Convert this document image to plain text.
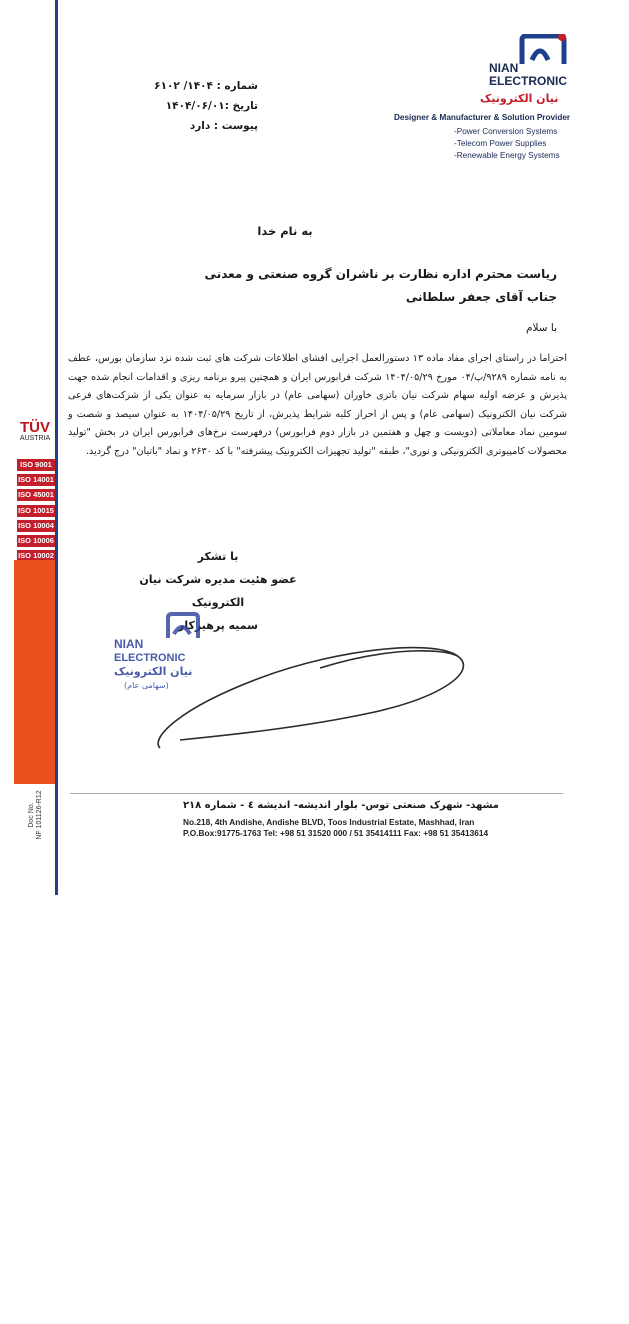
TÜV
AUSTRIA
ISO 9001
ISO 14001
ISO 45001
ISO 10015
ISO 10004
ISO 10006
ISO 10002
www.nianelectronic.com
Doc No. NF 101126-R12
NIAN
ELECTRONIC
نیان الکترونیک
Designer & Manufacturer & Solution Provider
-Power Conversion Systems
-Telecom Power Supplies
-Renewable Energy Systems
شماره : ۱۴۰۴/ ۶۱۰۲
تاریخ :۱۴۰۴/۰۶/۰۱
پیوست : دارد
به نام خدا
ریاست محترم اداره نظارت بر ناشران گروه صنعتی و معدنی
جناب آقای جعفر سلطانی
با سلام
احتراما در راستای اجرای مفاد ماده ۱۳ دستورالعمل اجرایی افشای اطلاعات شرکت های ثبت شده نزد سازمان بورس، عطف به نامه شماره ۹۲۸۹/پ/۰۴ مورخ ۱۴۰۴/۰۵/۲۹ شرکت فرابورس ایران و همچنین پیرو برنامه ریزی و اقدامات انجام شده جهت پذیرش و عرضه اولیه سهام شرکت نیان باتری خاوران (سهامی عام) در بازار سرمایه به عنوان یکی از شرکت‌های فرعی شرکت نیان الکترونیک (سهامی عام) و پس از احراز کلیه شرایط پذیرش، از تاریخ ۱۴۰۴/۰۵/۲۹ به عنوان سیصد و شصت و سومین نماد معاملاتی (دویست و چهل و هفتمین در بازار دوم فرابورس) درفهرست نرخ‌های فرابورس ایران در بخش "تولید محصولات کامپیوتری الکترونیکی و نوری"، طبقه "تولید تجهیزات الکترونیک پیشرفته" با کد ۲۶۳۰ و نماد "باتیان" درج گردید.
با تشکر
عضو هئیت مدیره شرکت نیان الکترونیک
سمیه پرهیزکار
NIAN
ELECTRONIC
نیان الکترونیک
(سهامی عام)
مشهد- شهرک صنعتی توس- بلوار اندیشه- اندیشه ٤ - شماره ۲۱۸
No.218, 4th Andishe, Andishe BLVD, Toos Industrial Estate, Mashhad, Iran
P.O.Box:91775-1763 Tel: +98 51 31520 000 / 51 35414111 Fax: +98 51 35413614
